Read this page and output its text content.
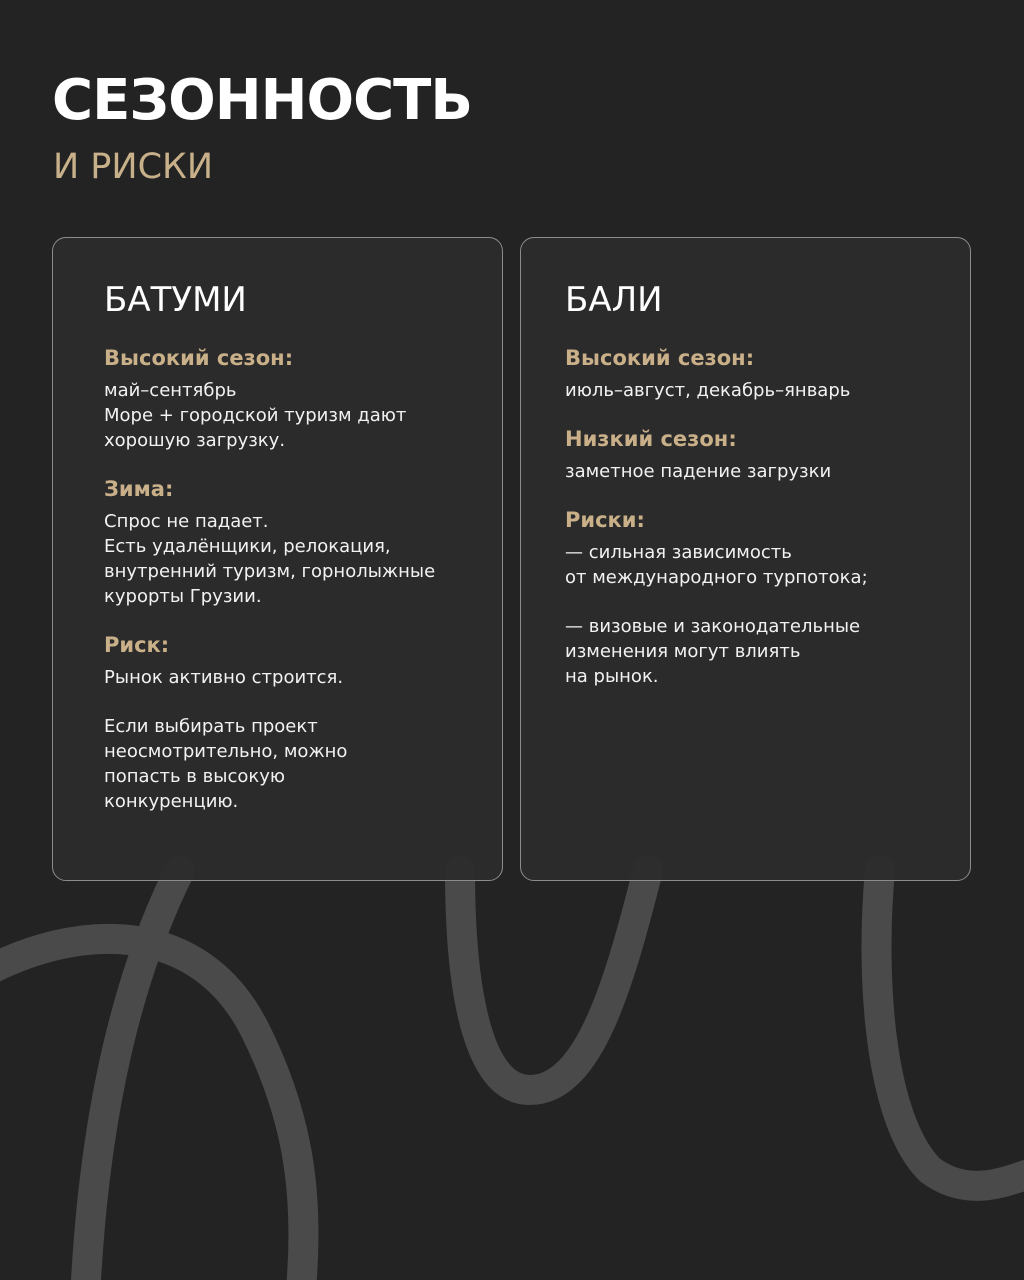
СЕЗОННОСТЬ
И РИСКИ
БАТУМИ

Высокий сезон:

май–сентябрь
Море + городской туризм дают
хорошую загрузку.

Зима:

Спрос не падает.
Есть удалёнщики, релокация,
внутренний туризм, горнолыжные
курорты Грузии.

Риск:

Рынок активно строится.
Если выбирать проект
неосмотрительно, можно
попасть в высокую
конкуренцию.
БАЛИ

Высокий сезон:

июль–август, декабрь–январь

Низкий сезон:

заметное падение загрузки

Риски:

— сильная зависимость
от международного турпотока;
— визовые и законодательные
изменения могут влиять
на рынок.
